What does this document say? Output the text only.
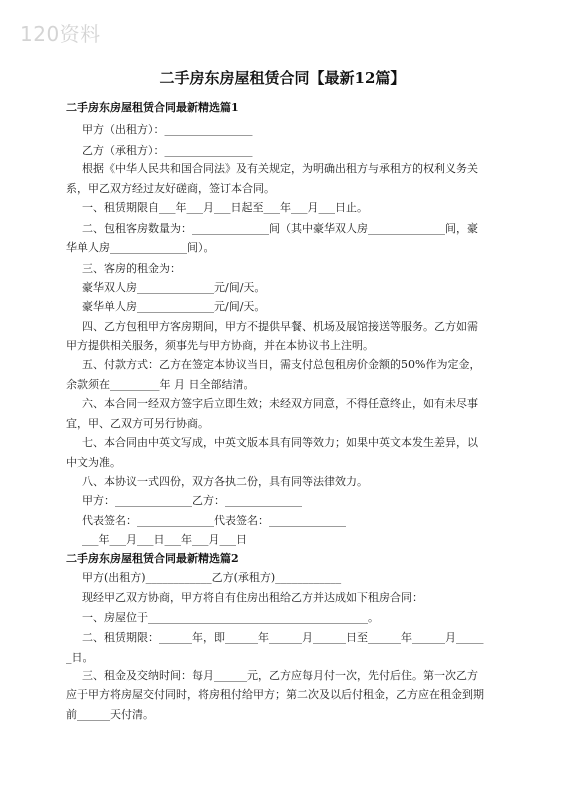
120资料
二手房东房屋租赁合同【最新12篇】
二手房东房屋租赁合同最新精选篇1
甲方（出租方）：________________
乙方（承租方）：________________
根据《中华人民共和国合同法》及有关规定，为明确出租方与承租方的权利义务关
系，甲乙双方经过友好磋商，签订本合同。
一、租赁期限自___年___月___日起至___年___月___日止。
二、包租客房数量为：______________间（其中豪华双人房______________间，豪
华单人房______________间）。
三、客房的租金为：
豪华双人房______________元/间/天。
豪华单人房______________元/间/天。
四、乙方包租甲方客房期间，甲方不提供早餐、机场及展馆接送等服务。乙方如需
甲方提供相关服务，须事先与甲方协商，并在本协议书上注明。
五、付款方式：乙方在签定本协议当日，需支付总包租房价金额的50%作为定金，
余款须在_________年 月 日全部结清。
六、本合同一经双方签字后立即生效；未经双方同意，不得任意终止，如有未尽事
宜，甲、乙双方可另行协商。
七、本合同由中英文写成，中英文版本具有同等效力；如果中英文本发生差异，以
中文为准。
八、本协议一式四份，双方各执二份，具有同等法律效力。
甲方：______________乙方：______________
代表签名：______________代表签名：______________
___年___月___日___年___月___日
二手房东房屋租赁合同最新精选篇2
甲方(出租方)____________乙方(承租方)____________
现经甲乙双方协商，甲方将自有住房出租给乙方并达成如下租房合同：
一、房屋位于________________________________________。
二、租赁期限：______年，即______年______月______日至______年______月_____
_日。
三、租金及交纳时间：每月______元，乙方应每月付一次，先付后住。第一次乙方
应于甲方将房屋交付同时，将房租付给甲方；第二次及以后付租金，乙方应在租金到期
前______天付清。
